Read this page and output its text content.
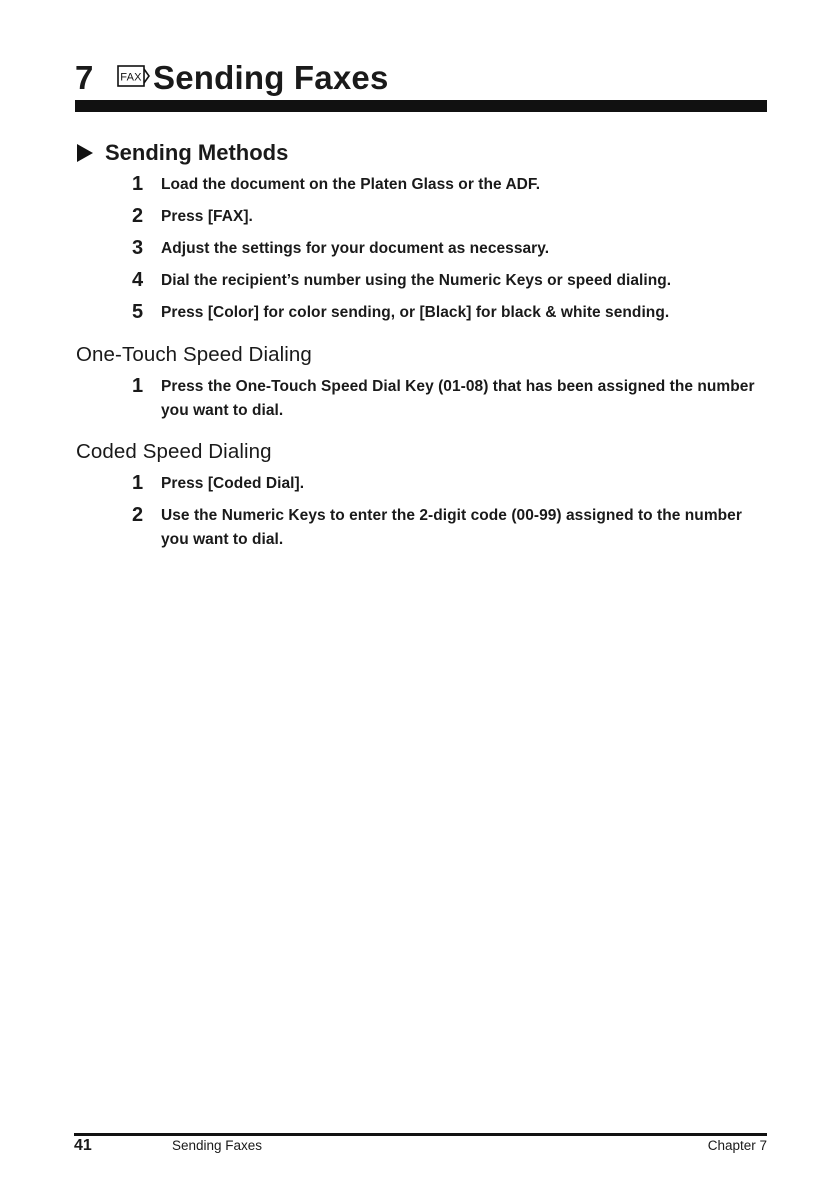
7	FAX Sending Faxes
Sending Methods
1	Load the document on the Platen Glass or the ADF.
2	Press [FAX].
3	Adjust the settings for your document as necessary.
4	Dial the recipient’s number using the Numeric Keys or speed dialing.
5	Press [Color] for color sending, or [Black] for black & white sending.
One-Touch Speed Dialing
1	Press the One-Touch Speed Dial Key (01-08) that has been assigned the number you want to dial.
Coded Speed Dialing
1	Press [Coded Dial].
2	Use the Numeric Keys to enter the 2-digit code (00-99) assigned to the number you want to dial.
41	Sending Faxes	Chapter 7
